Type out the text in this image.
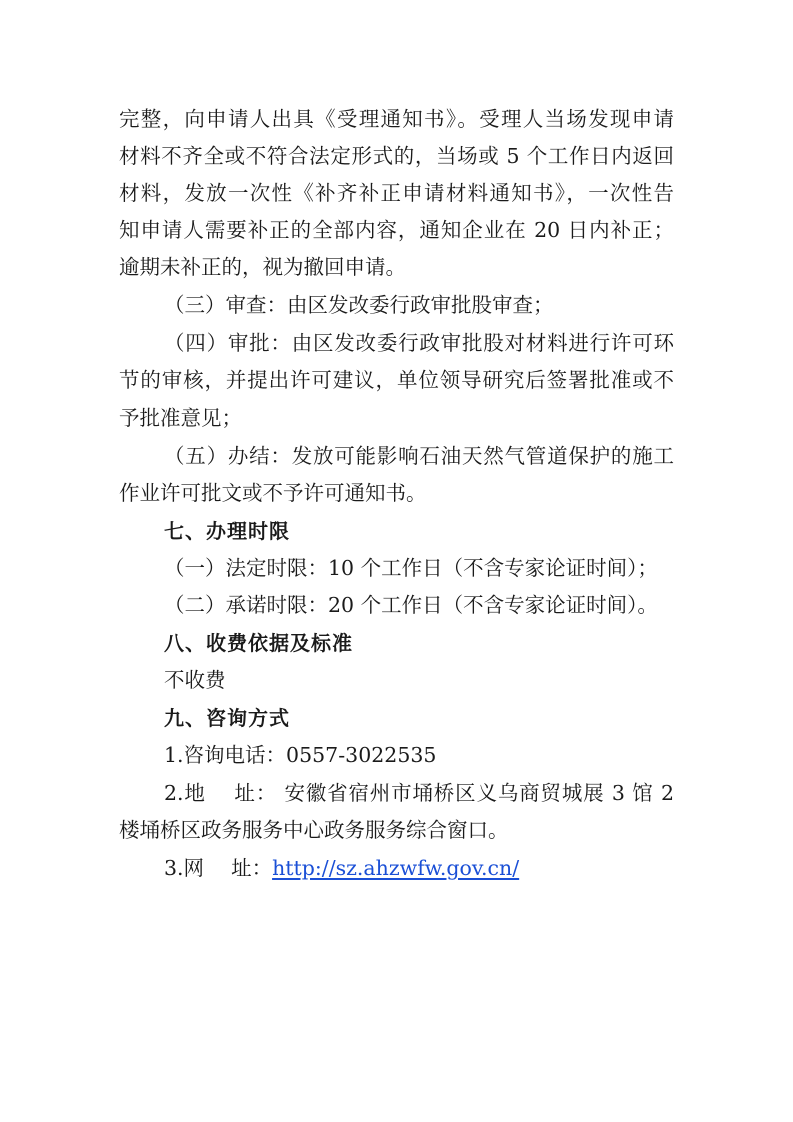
完整，向申请人出具《受理通知书》。受理人当场发现申请
材料不齐全或不符合法定形式的，当场或 5 个工作日内返回
材料，发放一次性《补齐补正申请材料通知书》，一次性告
知申请人需要补正的全部内容，通知企业在 20 日内补正；
逾期未补正的，视为撤回申请。
（三）审查：由区发改委行政审批股审查；
（四）审批：由区发改委行政审批股对材料进行许可环
节的审核，并提出许可建议，单位领导研究后签署批准或不
予批准意见；
（五）办结：发放可能影响石油天然气管道保护的施工
作业许可批文或不予许可通知书。
七、办理时限
（一）法定时限：10 个工作日（不含专家论证时间）；
（二）承诺时限：20 个工作日（不含专家论证时间）。
八、收费依据及标准
不收费
九、咨询方式
1.咨询电话：0557-3022535
2.地　 址： 安徽省宿州市埇桥区义乌商贸城展 3 馆 2
楼埇桥区政务服务中心政务服务综合窗口。
3.网　 址：http://sz.ahzwfw.gov.cn/
